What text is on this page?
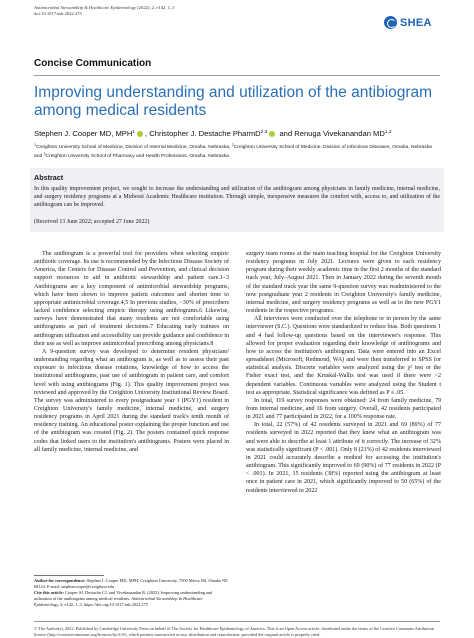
Antimicrobial Stewardship & Healthcare Epidemiology (2022), 2, e142, 1–3
doi:10.1017/ash.2022.275
SHEA
Concise Communication
Improving understanding and utilization of the antibiogram among medical residents
Stephen J. Cooper MD, MPH$^1$ , Christopher J. Destache PharmD$^{2,3}$ and Renuga Vivekanandan MD$^{1,2}$
$^1$Creighton University School of Medicine, Division of Internal Medicine, Omaha, Nebraska, $^2$Creighton University School of Medicine, Division of Infectious Diseases, Omaha, Nebraska and $^3$Creighton University School of Pharmacy and Health Professions, Omaha, Nebraska
Abstract
In this quality improvement project, we sought to increase the understanding and utilization of the antibiogram among physicians in family medicine, internal medicine, and surgery residency programs at a Midwest Academic Healthcare institution. Through simple, inexpensive measures the comfort with, access to, and utilization of the antibiogram can be improved.
(Received 13 June 2022; accepted 27 June 2022)

The antibiogram is a powerful tool for providers when selecting empiric antibiotic coverage. Its use is recommended by the Infectious Disease Society of America, the Centers for Disease Control and Prevention, and clinical decision support resources to aid in antibiotic stewardship and patient care.1–3 Antibiograms are a key component of antimicrobial stewardship programs, which have been shown to improve patient outcomes and shorten time to appropriate antimicrobial coverage.4,5 In previous studies, ~30% of prescribers lacked confidence selecting empiric therapy using antibiograms.6 Likewise, surveys have demonstrated that many residents are not comfortable using antibiograms as part of treatment decisions.7 Educating early trainees on antibiogram utilization and accessibility can provide guidance and confidence in their use as well as improve antimicrobial prescribing among physicians.8

A 9-question survey was developed to determine resident physicians' understanding regarding what an antibiogram is, as well as to assess their past exposure to infectious disease rotations, knowledge of how to access the institutional antibiograms, past use of antibiogram in patient care, and comfort level with using antibiograms (Fig. 1). This quality improvement project was reviewed and approved by the Creighton University Institutional Review Board. The survey was administered to every postgraduate year 1 (PGY1) resident in Creighton University's family medicine, internal medicine, and surgery residency programs in April 2021 during the standard track's tenth month of residency training. An educational poster explaining the proper function and use of the antibiogram was created (Fig. 2). The posters contained quick response codes that linked users to the institution's antibiograms. Posters were placed in all family medicine, internal medicine, and

surgery team rooms at the main teaching hospital for the Creighton University residency programs in July 2021. Lectures were given to each residency program during their weekly academic time in the first 2 months of the standard track year, July–August 2021. Then in January 2022 during the seventh month of the standard track year the same 9-question survey was readministered to the now postgraduate year 2 residents in Creighton University's family medicine, internal medicine, and surgery residency programs as well as to the new PGY1 residents in the respective programs.

All interviews were conducted over the telephone or in person by the same interviewer (S.C.). Questions were standardized to reduce bias. Both questions 1 and 4 had follow-up questions based on the interviewee's response. This allowed for proper evaluation regarding their knowledge of antibiograms and how to access the institution's antibiogram. Data were entered into an Excel spreadsheet (Microsoft, Redmond, WA) and were then transferred to SPSS for statistical analysis. Discrete variables were analyzed using the χ² test or the Fisher exact test, and the Kruskal-Wallis test was used if there were >2 dependent variables. Continuous variables were analyzed using the Student t test as appropriate. Statistical significance was defined as P ≤ .05.

In total, 119 survey responses were obtained: 24 from family medicine, 79 from internal medicine, and 16 from surgery. Overall, 42 residents participated in 2021 and 77 participated in 2022, for a 100% response rate.

In total, 22 (57%) of 42 residents surveyed in 2021 and 69 (89%) of 77 residents surveyed in 2022 reported that they knew what an antibiogram was and were able to describe at least 1 attribute of it correctly. The increase of 32% was statistically significant (P < .001). Only 8 (21%) of 42 residents interviewed in 2021 could accurately describe a method for accessing the institution's antibiogram. This significantly improved to 69 (90%) of 77 residents in 2022 (P < .001). In 2021, 15 residents (38%) reported using the antibiogram at least once in patient care in 2021, which significantly improved to 50 (65%) of the residents interviewed in 2022

Author for correspondence: Stephen J. Cooper MD, MPH, Creighton University, 7500 Mercy Rd, Omaha NE 68124. E-mail: stephencooper@creighton.edu
Cite this article: Cooper SJ, Destache CJ, and Vivekanandan R. (2022). Improving understanding and utilization of the antibiogram among medical residents. Antimicrobial Stewardship & Healthcare Epidemiology, 2: e142, 1–3, https://doi.org/10.1017/ash.2022.275
© The Author(s), 2022. Published by Cambridge University Press on behalf of The Society for Healthcare Epidemiology of America. This is an Open Access article, distributed under the terms of the Creative Commons Attribution licence (http://creativecommons.org/licenses/by/4.0/), which permits unrestricted re-use, distribution and reproduction, provided the original article is properly cited.
